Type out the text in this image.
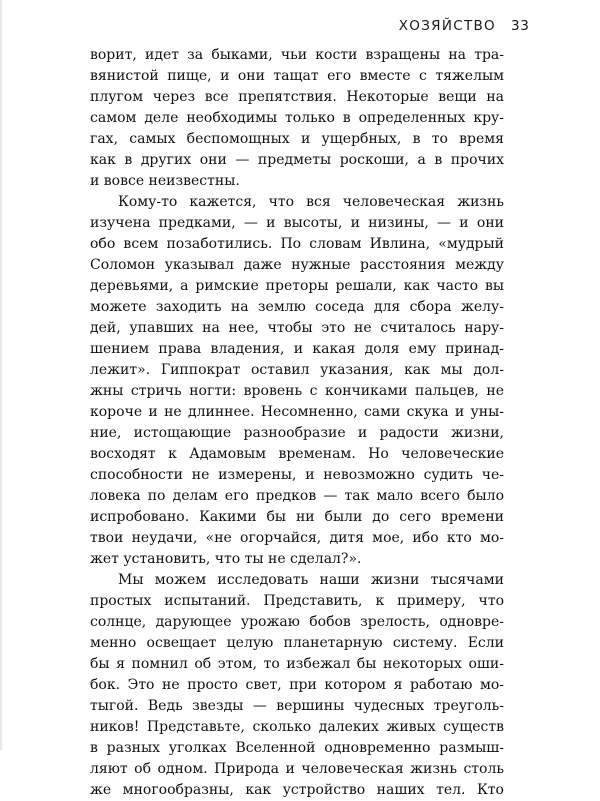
ХОЗЯЙСТВО 33
ворит, идет за быками, чьи кости взращены на тра-
вянистой пище, и они тащат его вместе с тяжелым
плугом через все препятствия. Некоторые вещи на
самом деле необходимы только в определенных кру-
гах, самых беспомощных и ущербных, в то время
как в других они — предметы роскоши, а в прочих
и вовсе неизвестны.
Кому-то кажется, что вся человеческая жизнь
изучена предками, — и высоты, и низины, — и они
обо всем позаботились. По словам Ивлина, «мудрый
Соломон указывал даже нужные расстояния между
деревьями, а римские преторы решали, как часто вы
можете заходить на землю соседа для сбора желу-
дей, упавших на нее, чтобы это не считалось нару-
шением права владения, и какая доля ему принад-
лежит». Гиппократ оставил указания, как мы дол-
жны стричь ногти: вровень с кончиками пальцев, не
короче и не длиннее. Несомненно, сами скука и уны-
ние, истощающие разнообразие и радости жизни,
восходят к Адамовым временам. Но человеческие
способности не измерены, и невозможно судить че-
ловека по делам его предков — так мало всего было
испробовано. Какими бы ни были до сего времени
твои неудачи, «не огорчайся, дитя мое, ибо кто мо-
жет установить, что ты не сделал?».
Мы можем исследовать наши жизни тысячами
простых испытаний. Представить, к примеру, что
солнце, дарующее урожаю бобов зрелость, одновре-
менно освещает целую планетарную систему. Если
бы я помнил об этом, то избежал бы некоторых оши-
бок. Это не просто свет, при котором я работаю мо-
тыгой. Ведь звезды — вершины чудесных треуголь-
ников! Представьте, сколько далеких живых существ
в разных уголках Вселенной одновременно размыш-
ляют об одном. Природа и человеческая жизнь столь
же многообразны, как устройство наших тел. Кто
